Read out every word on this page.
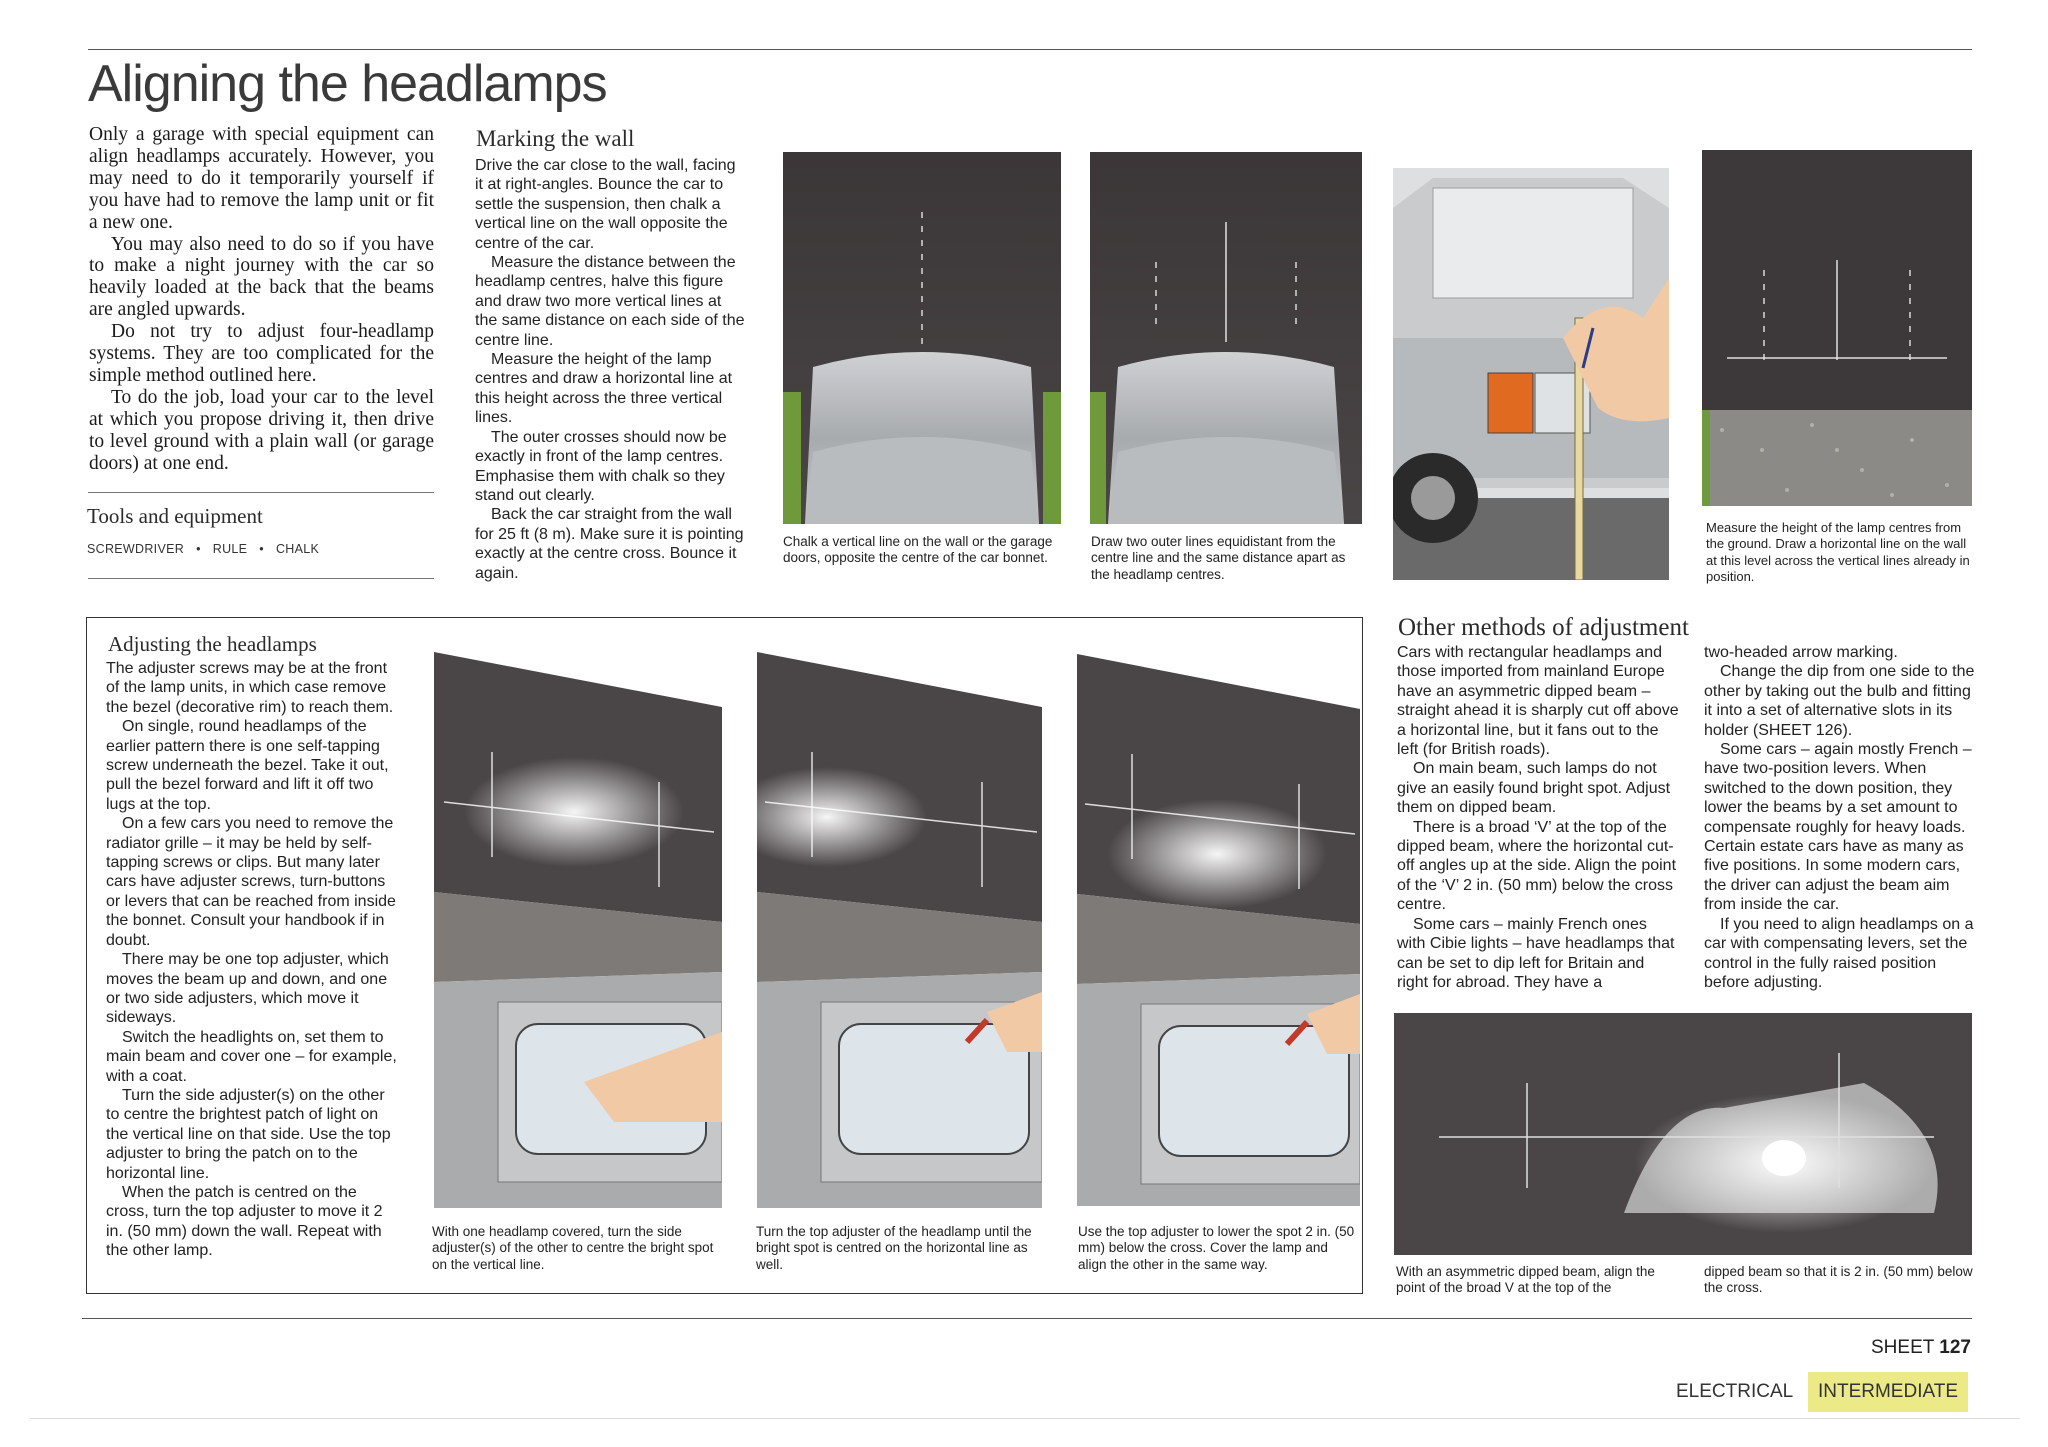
Aligning the headlamps

Only a garage with special equipment can align headlamps accurately. However, you may need to do it temporarily yourself if you have had to remove the lamp unit or fit a new one.

You may also need to do so if you have to make a night journey with the car so heavily loaded at the back that the beams are angled upwards.

Do not try to adjust four-headlamp systems. They are too complicated for the simple method outlined here.

To do the job, load your car to the level at which you propose driving it, then drive to level ground with a plain wall (or garage doors) at one end.

Tools and equipment
SCREWDRIVER • RULE • CHALK
Marking the wall

Drive the car close to the wall, facing it at right-angles. Bounce the car to settle the suspension, then chalk a vertical line on the wall opposite the centre of the car.

Measure the distance between the headlamp centres, halve this figure and draw two more vertical lines at the same distance on each side of the centre line.

Measure the height of the lamp centres and draw a horizontal line at this height across the three vertical lines.

The outer crosses should now be exactly in front of the lamp centres. Emphasise them with chalk so they stand out clearly.

Back the car straight from the wall for 25 ft (8 m). Make sure it is pointing exactly at the centre cross. Bounce it again.

Chalk a vertical line on the wall or the garage doors, opposite the centre of the car bonnet.
Draw two outer lines equidistant from the centre line and the same distance apart as the headlamp centres.
Measure the height of the lamp centres from the ground. Draw a horizontal line on the wall at this level across the vertical lines already in position.
Adjusting the headlamps

The adjuster screws may be at the front of the lamp units, in which case remove the bezel (decorative rim) to reach them.

On single, round headlamps of the earlier pattern there is one self-tapping screw underneath the bezel. Take it out, pull the bezel forward and lift it off two lugs at the top.

On a few cars you need to remove the radiator grille – it may be held by self-tapping screws or clips. But many later cars have adjuster screws, turn-buttons or levers that can be reached from inside the bonnet. Consult your handbook if in doubt.

There may be one top adjuster, which moves the beam up and down, and one or two side adjusters, which move it sideways.

Switch the headlights on, set them to main beam and cover one – for example, with a coat.

Turn the side adjuster(s) on the other to centre the brightest patch of light on the vertical line on that side. Use the top adjuster to bring the patch on to the horizontal line.

When the patch is centred on the cross, turn the top adjuster to move it 2 in. (50 mm) down the wall. Repeat with the other lamp.

With one headlamp covered, turn the side adjuster(s) of the other to centre the bright spot on the vertical line.
Turn the top adjuster of the headlamp until the bright spot is centred on the horizontal line as well.
Use the top adjuster to lower the spot 2 in. (50 mm) below the cross. Cover the lamp and align the other in the same way.
Other methods of adjustment

Cars with rectangular headlamps and those imported from mainland Europe have an asymmetric dipped beam – straight ahead it is sharply cut off above a horizontal line, but it fans out to the left (for British roads).

On main beam, such lamps do not give an easily found bright spot. Adjust them on dipped beam.

There is a broad ‘V’ at the top of the dipped beam, where the horizontal cut-off angles up at the side. Align the point of the ‘V’ 2 in. (50 mm) below the cross centre.

Some cars – mainly French ones with Cibie lights – have headlamps that can be set to dip left for Britain and right for abroad. They have a

two-headed arrow marking.

Change the dip from one side to the other by taking out the bulb and fitting it into a set of alternative slots in its holder (SHEET 126).

Some cars – again mostly French – have two-position levers. When switched to the down position, they lower the beams by a set amount to compensate roughly for heavy loads. Certain estate cars have as many as five positions. In some modern cars, the driver can adjust the beam aim from inside the car.

If you need to align headlamps on a car with compensating levers, set the control in the fully raised position before adjusting.

With an asymmetric dipped beam, align the point of the broad V at the top of the
dipped beam so that it is 2 in. (50 mm) below the cross.
SHEET 127
ELECTRICAL	INTERMEDIATE
